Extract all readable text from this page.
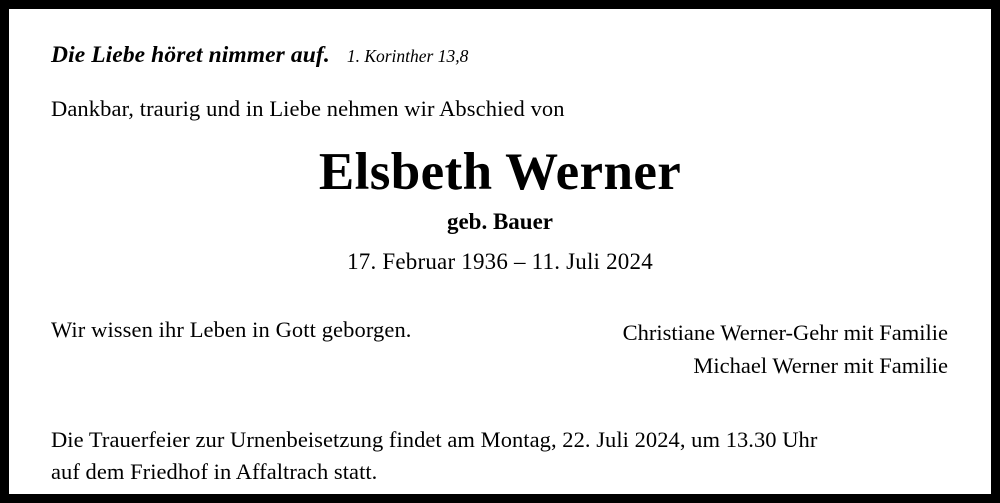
Die Liebe höret nimmer auf. 1. Korinther 13,8
Dankbar, traurig und in Liebe nehmen wir Abschied von
Elsbeth Werner
geb. Bauer
17. Februar 1936 – 11. Juli 2024
Wir wissen ihr Leben in Gott geborgen.	Christiane Werner-Gehr mit Familie
Michael Werner mit Familie
Die Trauerfeier zur Urnenbeisetzung findet am Montag, 22. Juli 2024, um 13.30 Uhr
auf dem Friedhof in Affaltrach statt.
